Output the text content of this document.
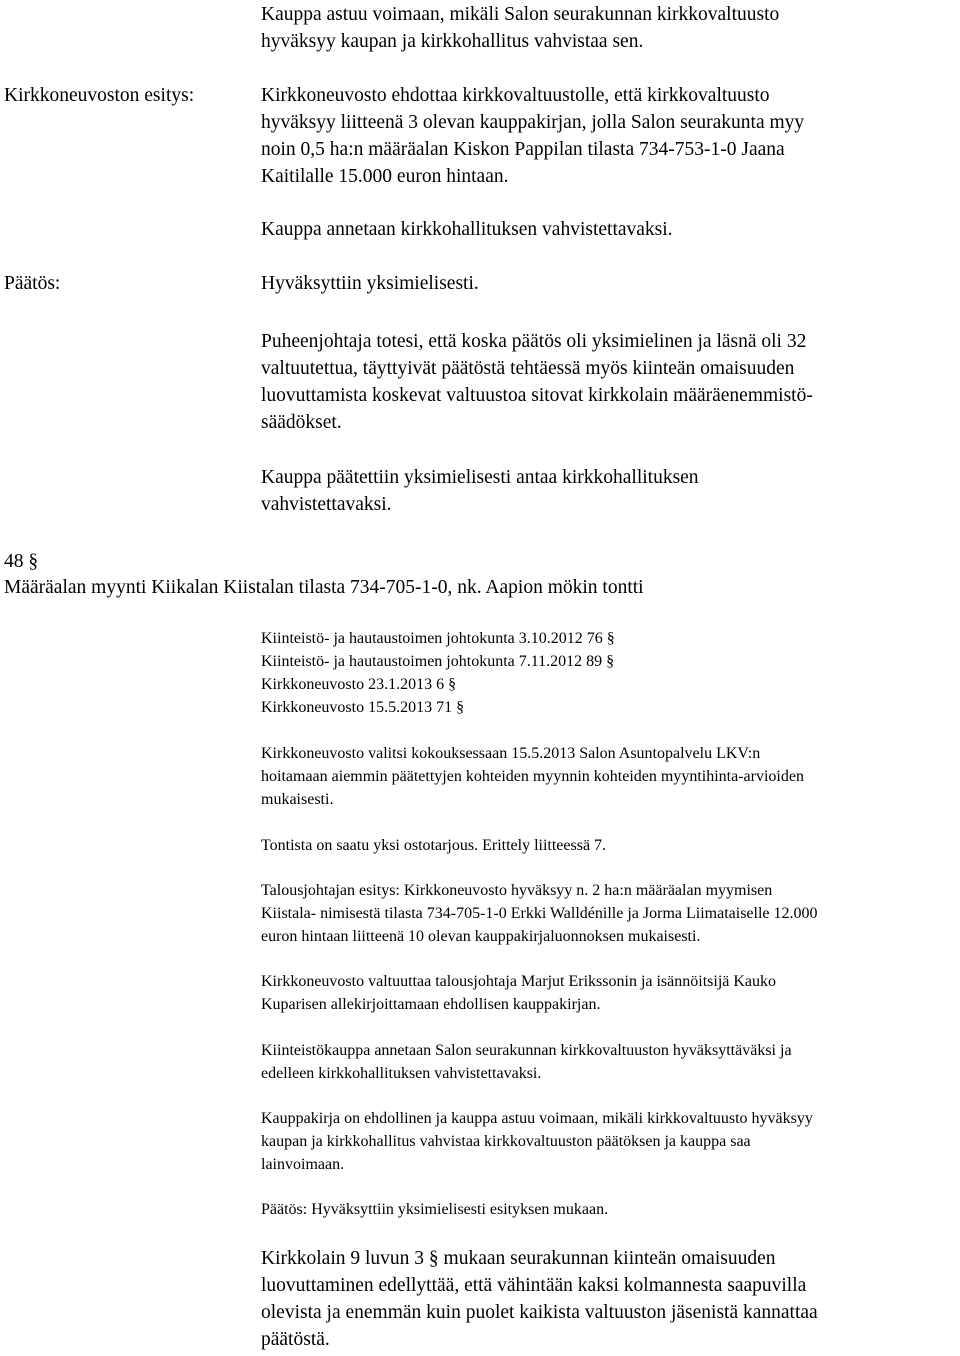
Kauppa astuu voimaan, mikäli Salon seurakunnan kirkkovaltuusto
hyväksyy kaupan ja kirkkohallitus vahvistaa sen.

Kirkkoneuvoston esitys:	Kirkkoneuvosto ehdottaa kirkkovaltuustolle, että kirkkovaltuusto
hyväksyy liitteenä 3 olevan kauppakirjan, jolla Salon seurakunta myy
noin 0,5 ha:n määräalan Kiskon Pappilan tilasta 734-753-1-0 Jaana
Kaitilalle 15.000 euron hintaan.

Kauppa annetaan kirkkohallituksen vahvistettavaksi.

Päätös:	Hyväksyttiin yksimielisesti.

Puheenjohtaja totesi, että koska päätös oli yksimielinen ja läsnä oli 32
valtuutettua, täyttyivät päätöstä tehtäessä myös kiinteän omaisuuden
luovuttamista koskevat valtuustoa sitovat kirkkolain määräenemmistö-
säädökset.

Kauppa päätettiin yksimielisesti antaa kirkkohallituksen
vahvistettavaksi.

48 §

Määräalan myynti Kiikalan Kiistalan tilasta 734-705-1-0, nk. Aapion mökin tontti

Kiinteistö- ja hautaustoimen johtokunta 3.10.2012 76 §
Kiinteistö- ja hautaustoimen johtokunta 7.11.2012 89 §
Kirkkoneuvosto 23.1.2013 6 §
Kirkkoneuvosto 15.5.2013 71 §

Kirkkoneuvosto valitsi kokouksessaan 15.5.2013 Salon Asuntopalvelu LKV:n
hoitamaan aiemmin päätettyjen kohteiden myynnin kohteiden myyntihinta-arvioiden
mukaisesti.

Tontista on saatu yksi ostotarjous. Erittely liitteessä 7.

Talousjohtajan esitys: Kirkkoneuvosto hyväksyy n. 2 ha:n määräalan myymisen
Kiistala- nimisestä tilasta 734-705-1-0 Erkki Walldénille ja Jorma Liimataiselle 12.000
euron hintaan liitteenä 10 olevan kauppakirjaluonnoksen mukaisesti.

Kirkkoneuvosto valtuuttaa talousjohtaja Marjut Erikssonin ja isännöitsijä Kauko
Kuparisen allekirjoittamaan ehdollisen kauppakirjan.

Kiinteistökauppa annetaan Salon seurakunnan kirkkovaltuuston hyväksyttäväksi ja
edelleen kirkkohallituksen vahvistettavaksi.

Kauppakirja on ehdollinen ja kauppa astuu voimaan, mikäli kirkkovaltuusto hyväksyy
kaupan ja kirkkohallitus vahvistaa kirkkovaltuuston päätöksen ja kauppa saa
lainvoimaan.

Päätös: Hyväksyttiin yksimielisesti esityksen mukaan.

Kirkkolain 9 luvun 3 § mukaan seurakunnan kiinteän omaisuuden
luovuttaminen edellyttää, että vähintään kaksi kolmannesta saapuvilla
olevista ja enemmän kuin puolet kaikista valtuuston jäsenistä kannattaa
päätöstä.
